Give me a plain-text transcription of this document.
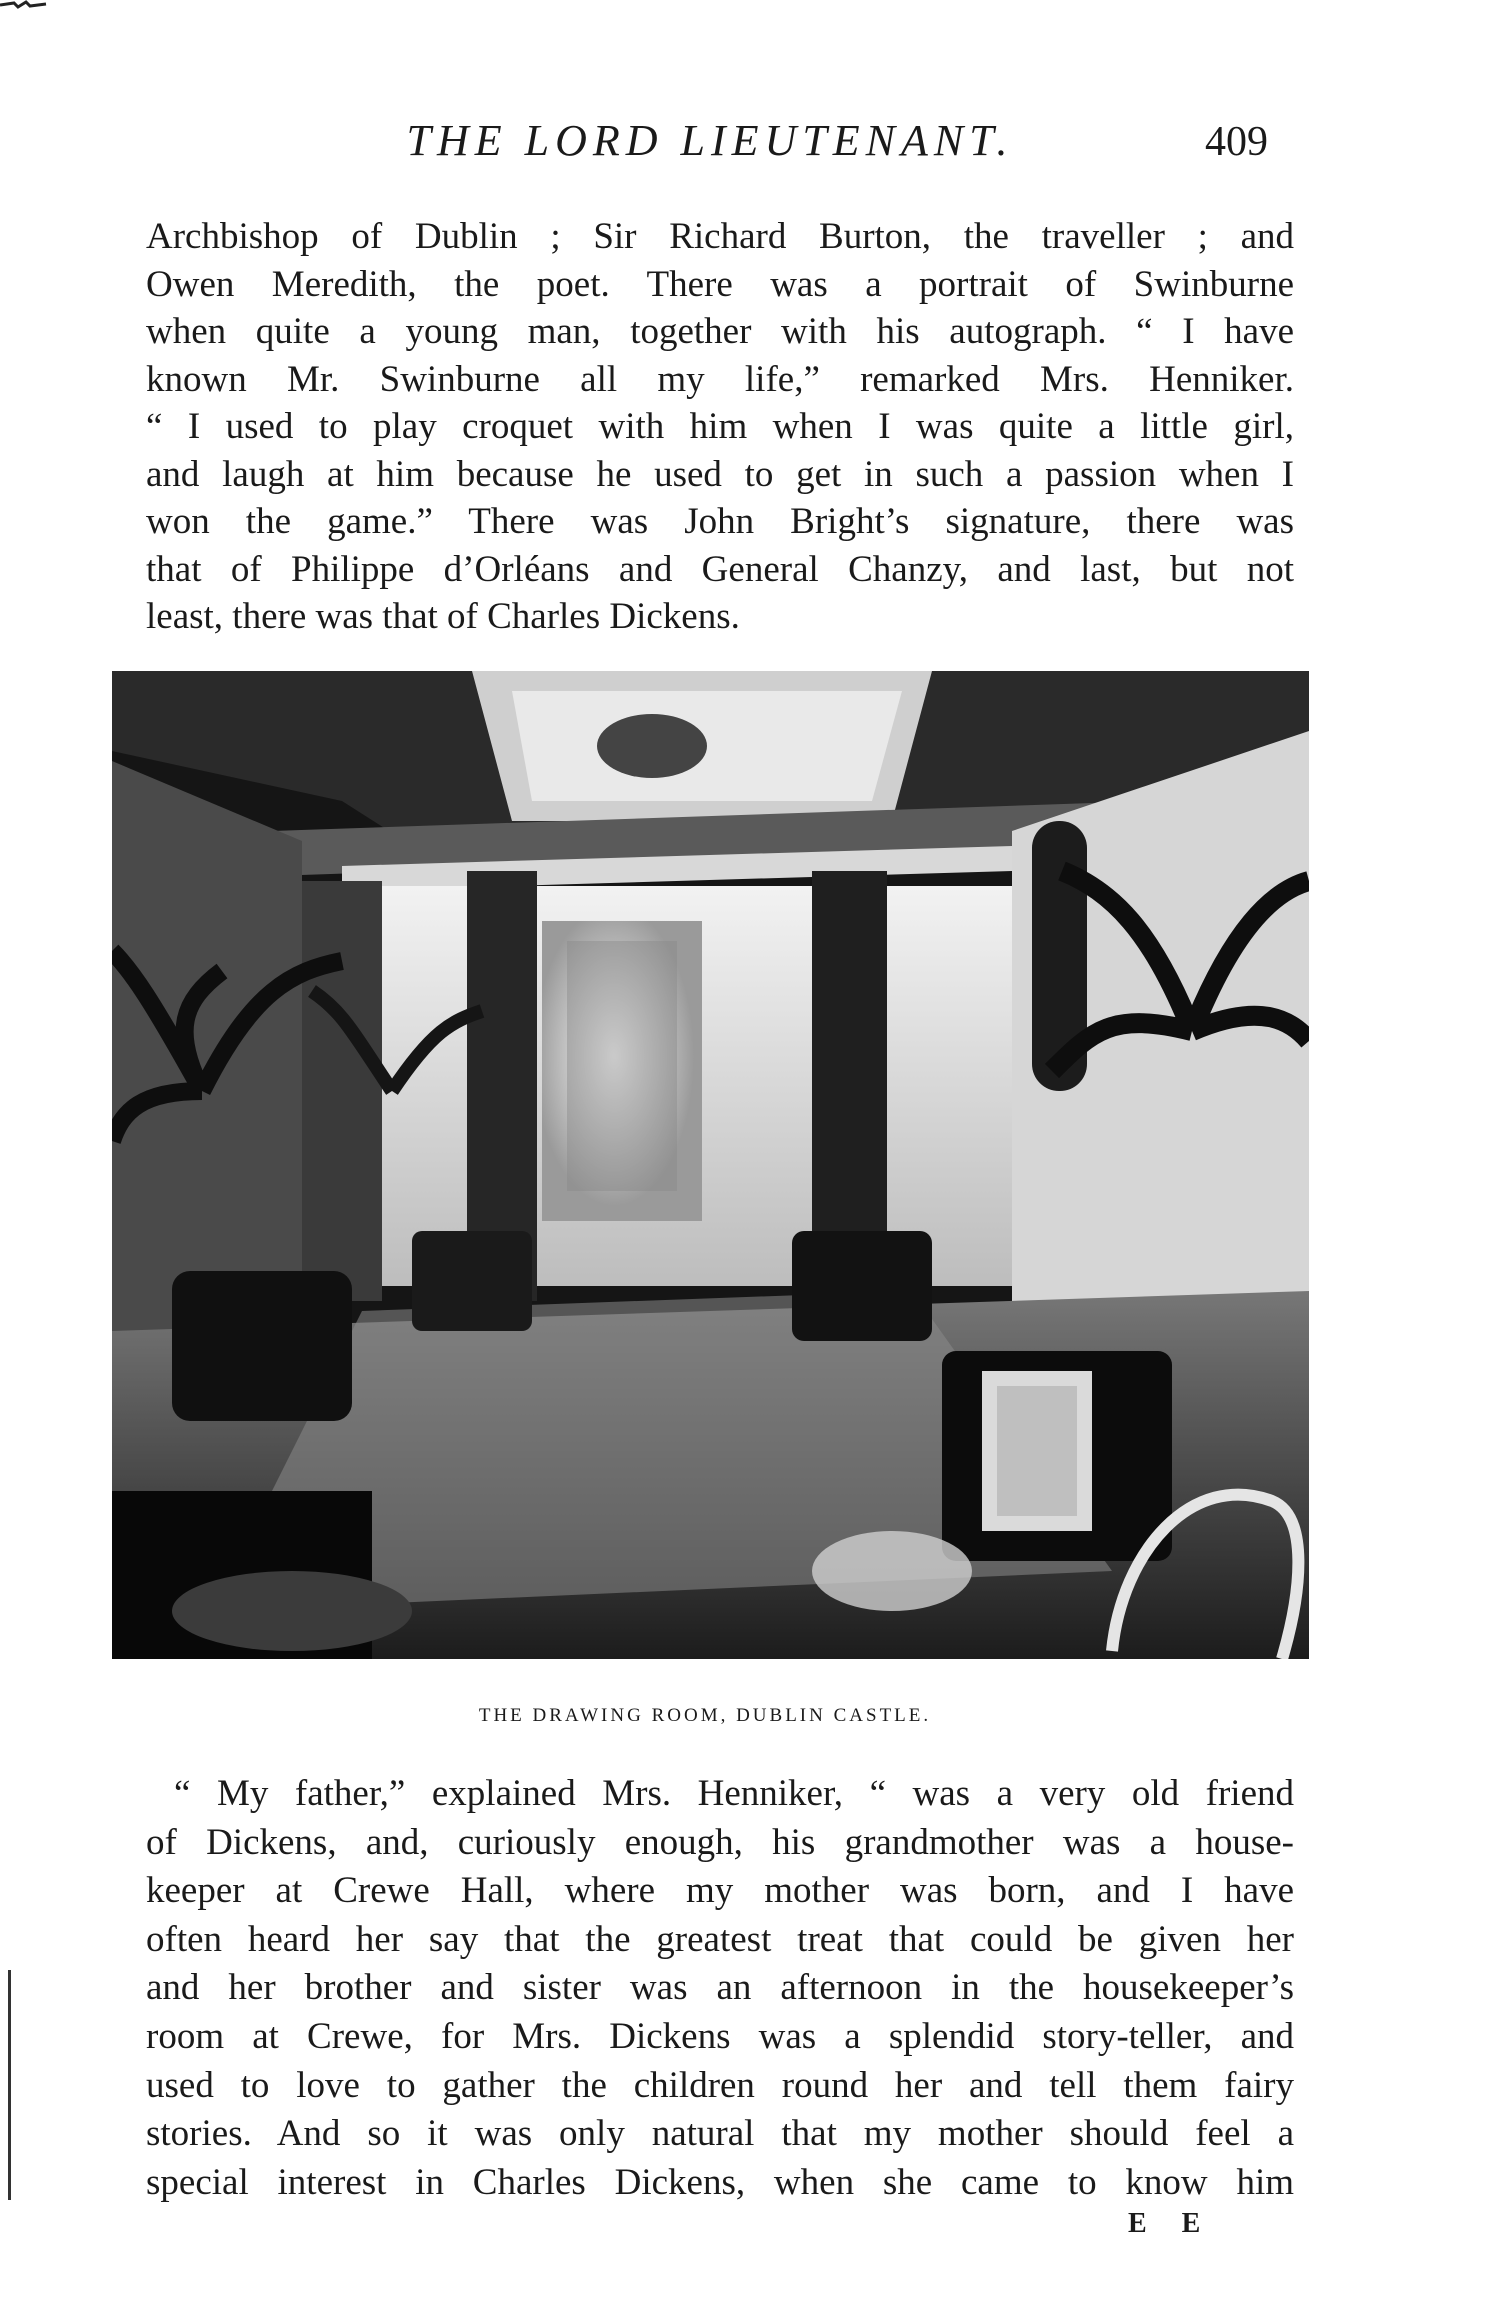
THE LORD LIEUTENANT.	409
Archbishop of Dublin ; Sir Richard Burton, the traveller ; and
Owen Meredith, the poet. There was a portrait of Swinburne
when quite a young man, together with his autograph. “ I have
known Mr. Swinburne all my life,” remarked Mrs. Henniker.
“ I used to play croquet with him when I was quite a little girl,
and laugh at him because he used to get in such a passion when I
won the game.” There was John Bright’s signature, there was
that of Philippe d’Orléans and General Chanzy, and last, but not
least, there was that of Charles Dickens.
THE DRAWING ROOM, DUBLIN CASTLE.
“ My father,” explained Mrs. Henniker, “ was a very old friend
of Dickens, and, curiously enough, his grandmother was a house-
keeper at Crewe Hall, where my mother was born, and I have
often heard her say that the greatest treat that could be given her
and her brother and sister was an afternoon in the housekeeper’s
room at Crewe, for Mrs. Dickens was a splendid story-teller, and
used to love to gather the children round her and tell them fairy
stories. And so it was only natural that my mother should feel a
special interest in Charles Dickens, when she came to know him
E E
